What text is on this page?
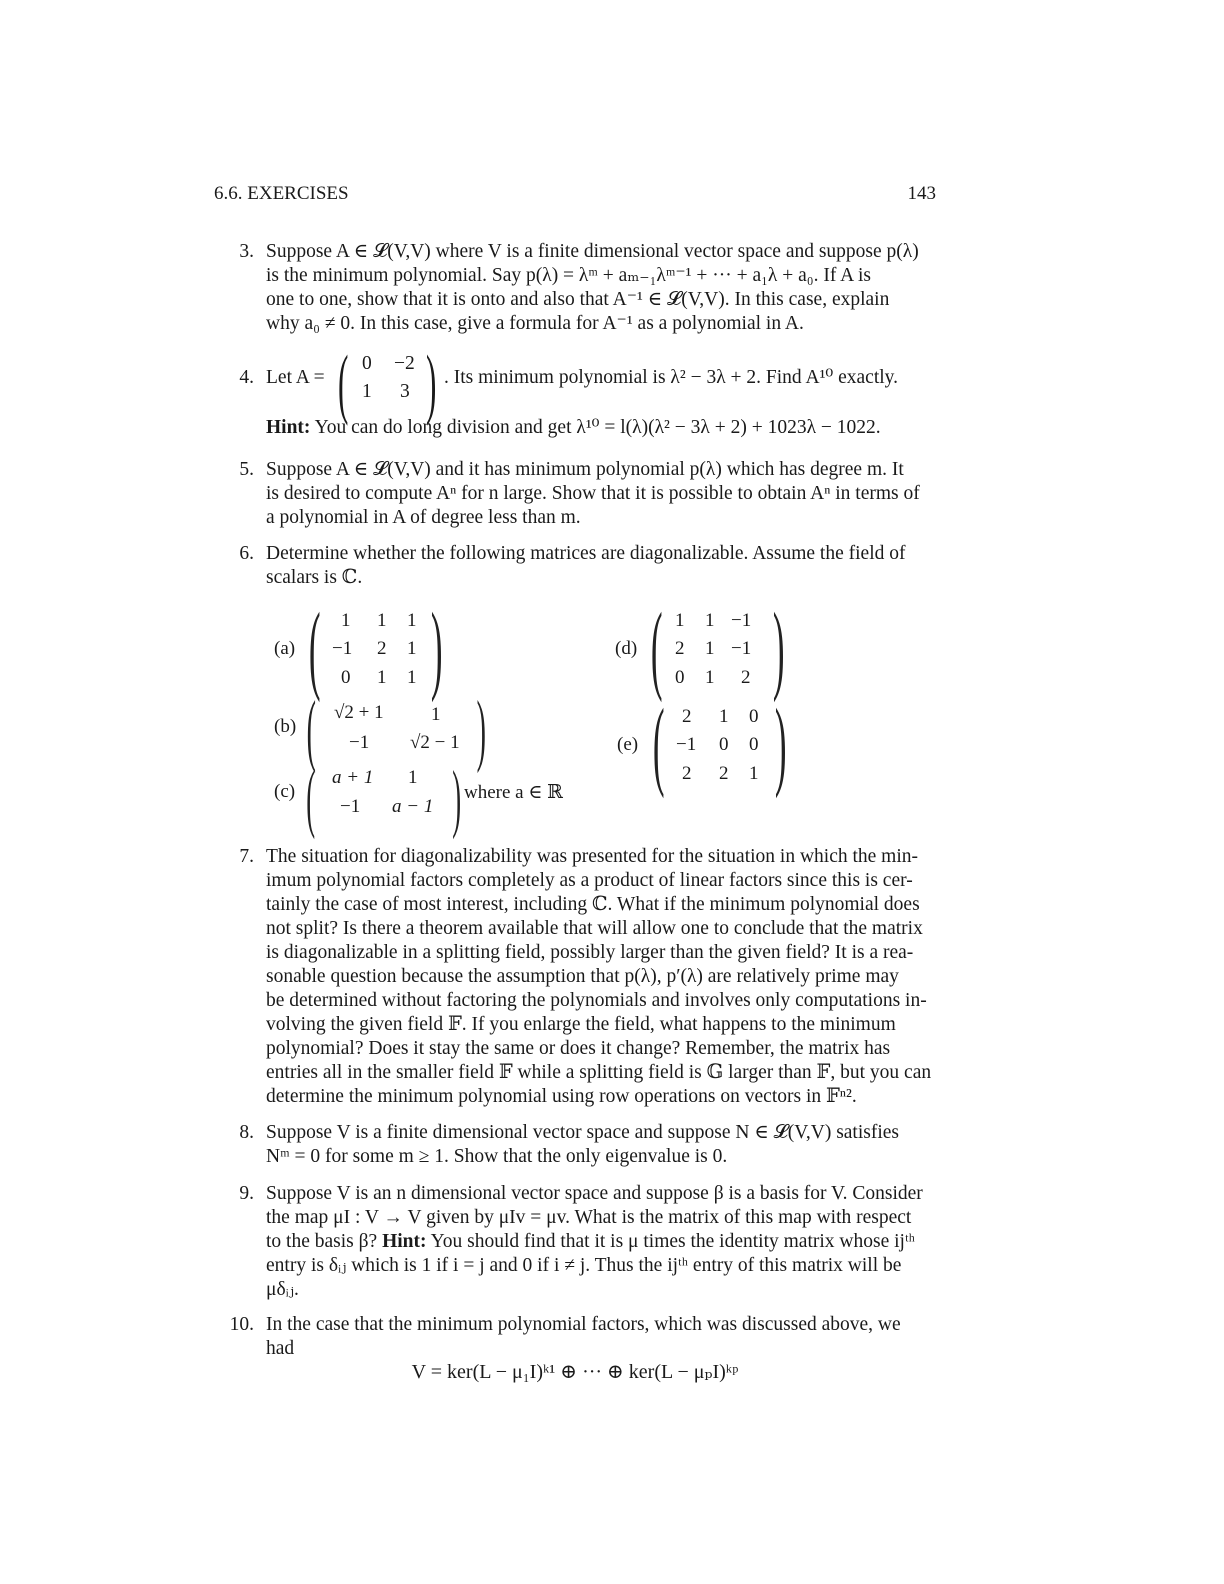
6.6. EXERCISES	143
3. Suppose A ∈ 𝓛(V,V) where V is a finite dimensional vector space and suppose p(λ)
is the minimum polynomial. Say p(λ) = λᵐ + aₘ₋₁λᵐ⁻¹ + ··· + a₁λ + a₀. If A is
one to one, show that it is onto and also that A⁻¹ ∈ 𝓛(V,V). In this case, explain
why a₀ ≠ 0. In this case, give a formula for A⁻¹ as a polynomial in A.
4. Let A = ( 0 −2
1 3 ) . Its minimum polynomial is λ² − 3λ + 2. Find A¹⁰ exactly.
Hint: You can do long division and get λ¹⁰ = l(λ)(λ² − 3λ + 2) + 1023λ − 1022.
5. Suppose A ∈ 𝓛(V,V) and it has minimum polynomial p(λ) which has degree m. It
is desired to compute Aⁿ for n large. Show that it is possible to obtain Aⁿ in terms of
a polynomial in A of degree less than m.
6. Determine whether the following matrices are diagonalizable. Assume the field of
scalars is ℂ.
(a) ( 1 1 1
−1 2 1
0 1 1 )
(b) ( √2 + 1 1
−1 √2 − 1 )
(c) ( a + 1 1
−1 a − 1 ) where a ∈ ℝ
(d) ( 1 1 −1
2 1 −1
0 1 2 )
(e) ( 2 1 0
−1 0 0
2 2 1 )
7. The situation for diagonalizability was presented for the situation in which the min-
imum polynomial factors completely as a product of linear factors since this is cer-
tainly the case of most interest, including ℂ. What if the minimum polynomial does
not split? Is there a theorem available that will allow one to conclude that the matrix
is diagonalizable in a splitting field, possibly larger than the given field? It is a rea-
sonable question because the assumption that p(λ), p′(λ) are relatively prime may
be determined without factoring the polynomials and involves only computations in-
volving the given field 𝔽. If you enlarge the field, what happens to the minimum
polynomial? Does it stay the same or does it change? Remember, the matrix has
entries all in the smaller field 𝔽 while a splitting field is 𝔾 larger than 𝔽, but you can
determine the minimum polynomial using row operations on vectors in 𝔽ⁿ².
8. Suppose V is a finite dimensional vector space and suppose N ∈ 𝓛(V,V) satisfies
Nᵐ = 0 for some m ≥ 1. Show that the only eigenvalue is 0.
9. Suppose V is an n dimensional vector space and suppose β is a basis for V. Consider
the map μI : V → V given by μIv = μv. What is the matrix of this map with respect
to the basis β? Hint: You should find that it is μ times the identity matrix whose ijᵗʰ
entry is δᵢⱼ which is 1 if i = j and 0 if i ≠ j. Thus the ijᵗʰ entry of this matrix will be
μδᵢⱼ.
10. In the case that the minimum polynomial factors, which was discussed above, we
had
V = ker(L − μ₁I)ᵏ¹ ⊕ ··· ⊕ ker(L − μₚI)ᵏᵖ
